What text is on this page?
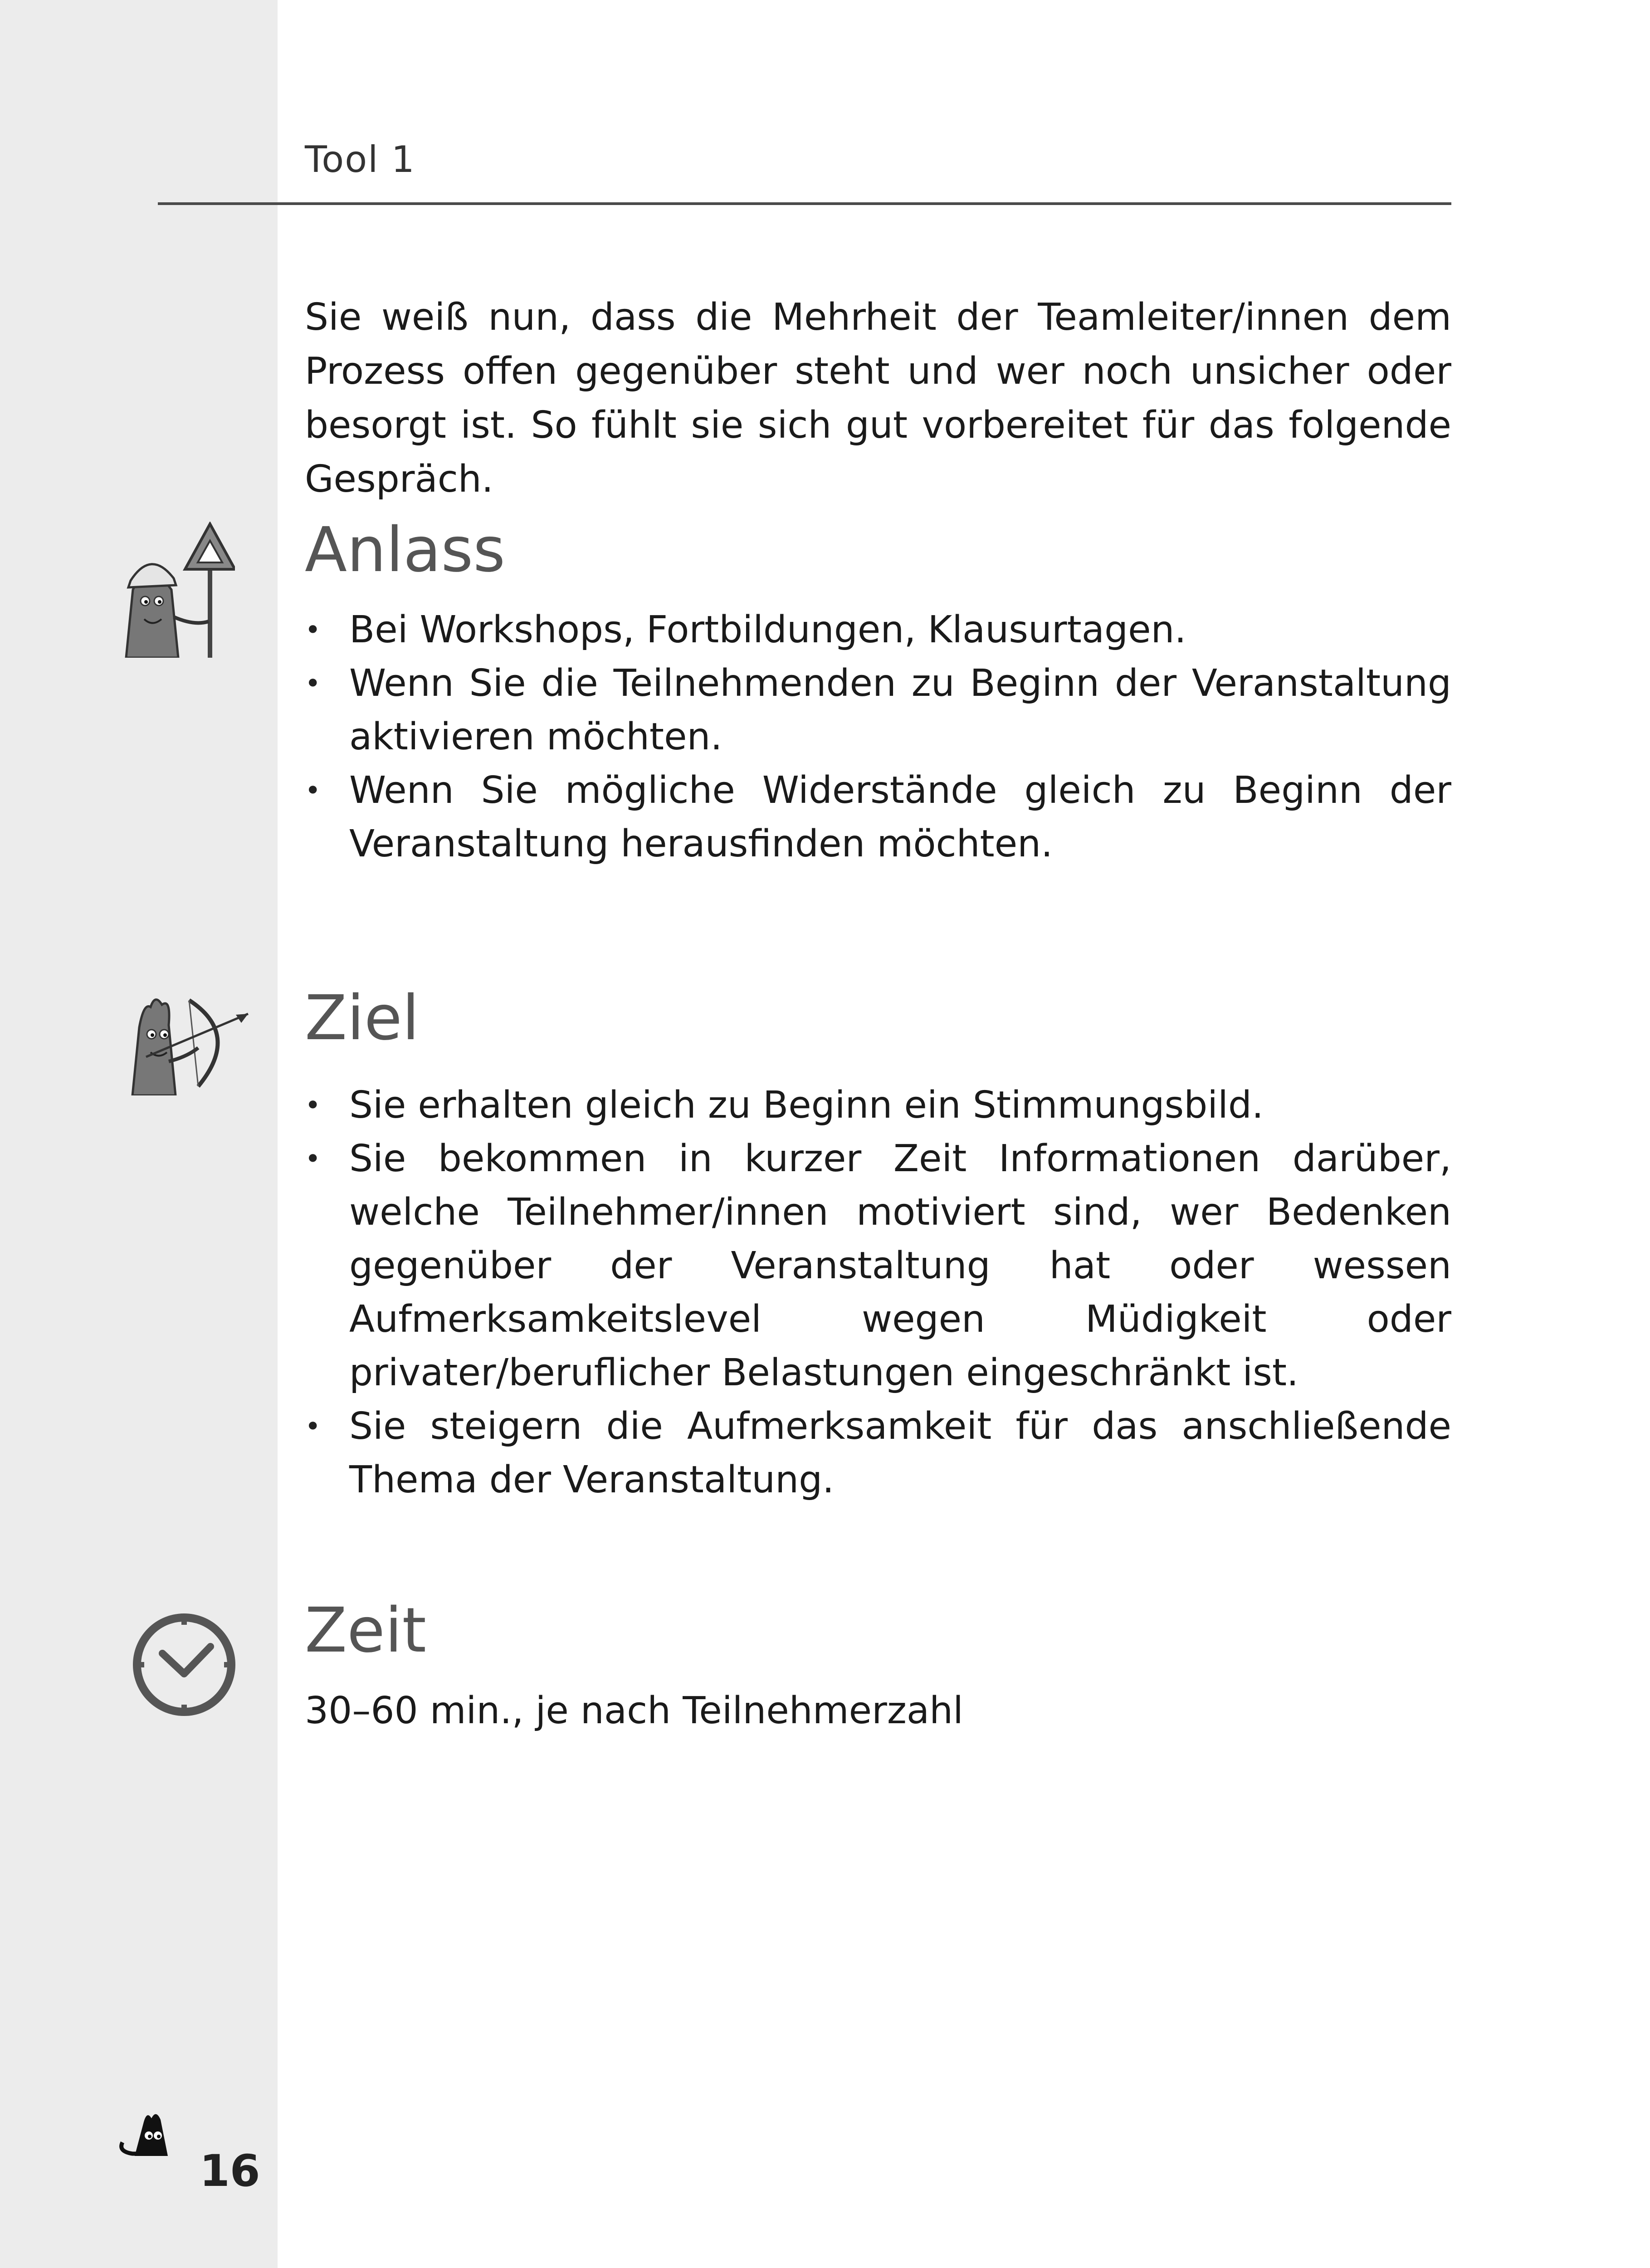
Tool 1

Sie weiß nun, dass die Mehrheit der Teamleiter/innen dem Prozess offen gegenüber steht und wer noch unsicher oder besorgt ist. So fühlt sie sich gut vorbereitet für das folgende Gespräch.

Anlass
• Bei Workshops, Fortbildungen, Klausurtagen.
• Wenn Sie die Teilnehmenden zu Beginn der Veranstaltung aktivieren möchten.
• Wenn Sie mögliche Widerstände gleich zu Beginn der Veranstaltung herausfinden möchten.
Ziel
• Sie erhalten gleich zu Beginn ein Stimmungsbild.
• Sie bekommen in kurzer Zeit Informationen darüber, welche Teilnehmer/innen motiviert sind, wer Bedenken gegenüber der Veranstaltung hat oder wessen Aufmerksamkeitslevel wegen Müdigkeit oder privater/beruflicher Belastungen eingeschränkt ist.
• Sie steigern die Aufmerksamkeit für das anschließende Thema der Veranstaltung.
Zeit

30–60 min., je nach Teilnehmerzahl

16
